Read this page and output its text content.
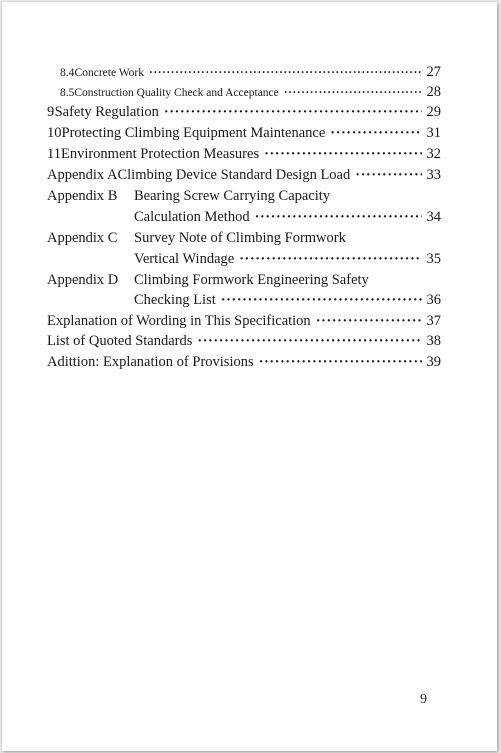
8.4 Concrete Work ·····	27
8.5 Construction Quality Check and Acceptance ·····	28
9 Safety Regulation ·····	29
10 Protecting Climbing Equipment Maintenance ·····	31
11 Environment Protection Measures ·····	32
Appendix A Climbing Device Standard Design Load ·····	33
Appendix B	Bearing Screw Carrying Capacity
Calculation Method ·····	34
Appendix C	Survey Note of Climbing Formwork
Vertical Windage ·····	35
Appendix D	Climbing Formwork Engineering Safety
Checking List ·····	36
Explanation of Wording in This Specification ·····	37
List of Quoted Standards ·····	38
Adittion: Explanation of Provisions ·····	39
9
